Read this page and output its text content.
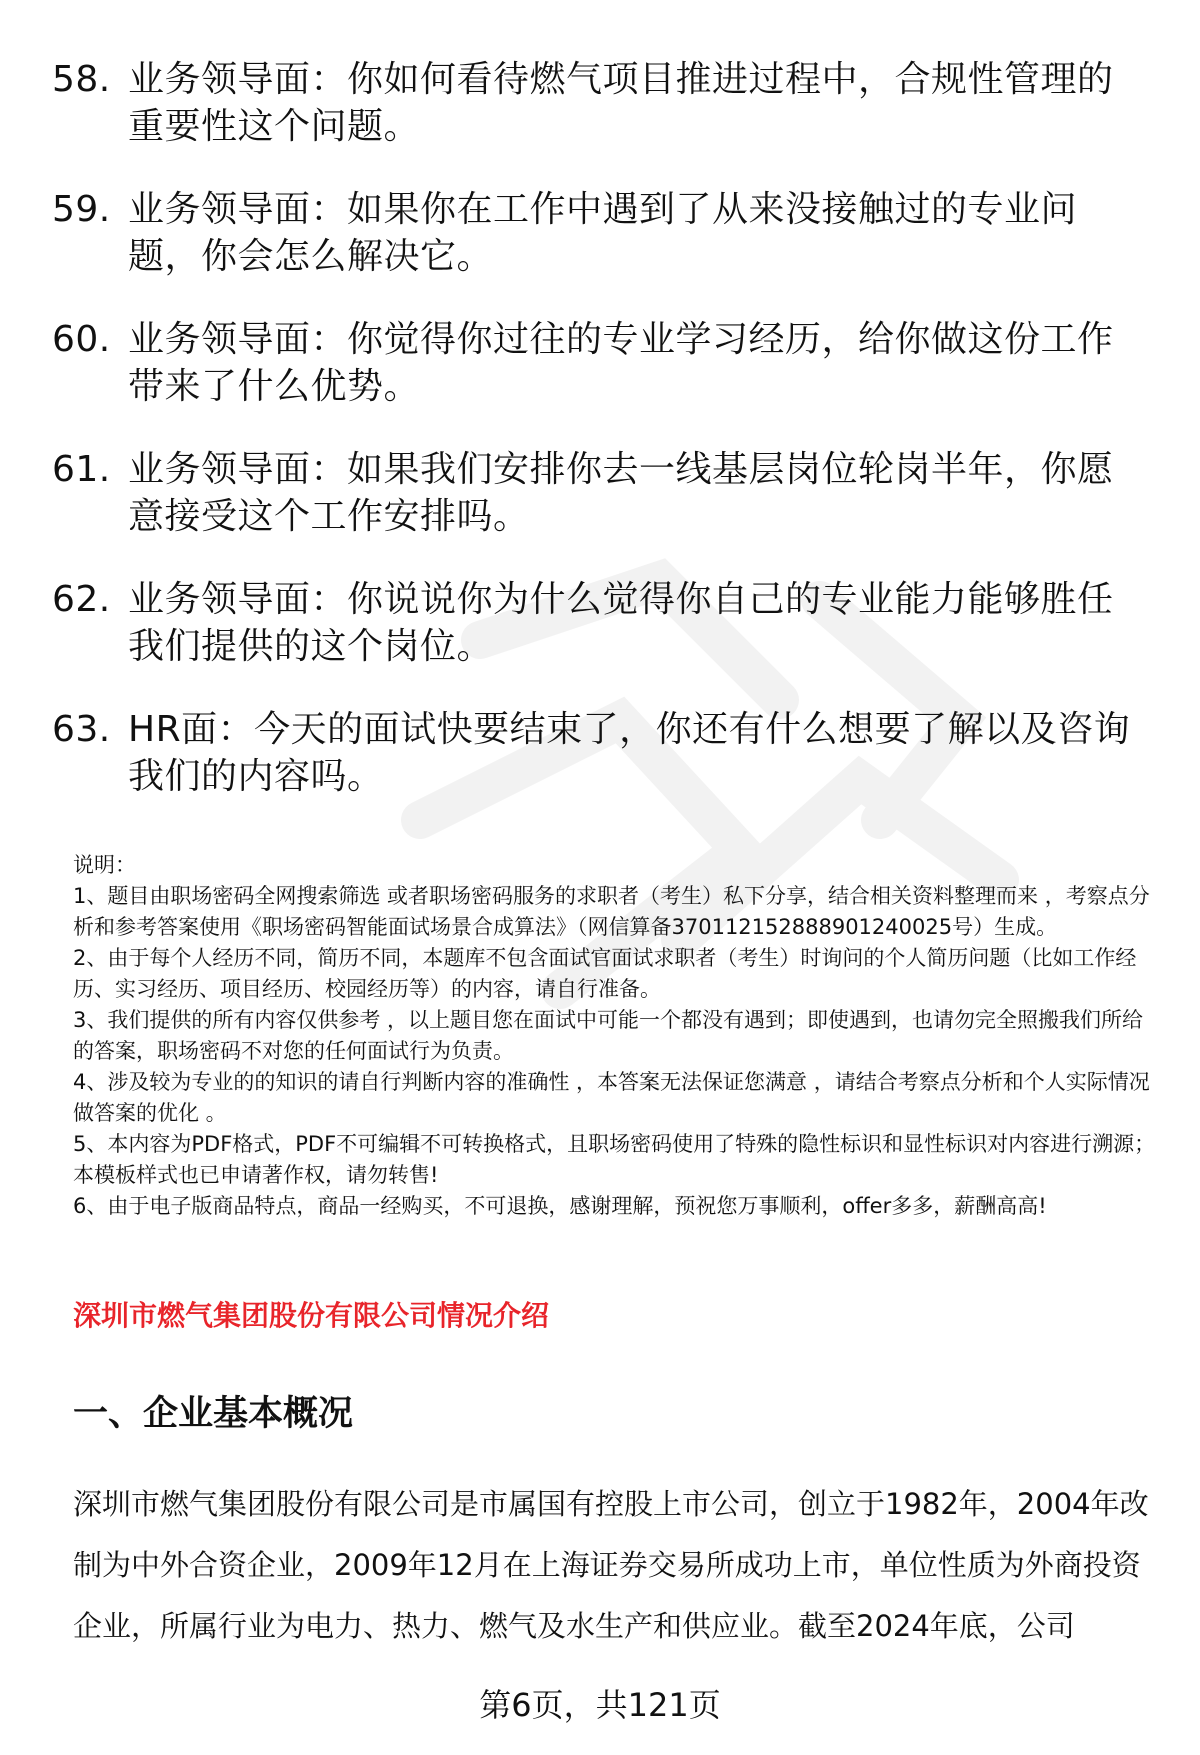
58. 业务领导面：你如何看待燃气项目推进过程中，合规性管理的重要性这个问题。
59. 业务领导面：如果你在工作中遇到了从来没接触过的专业问题，你会怎么解决它。
60. 业务领导面：你觉得你过往的专业学习经历，给你做这份工作带来了什么优势。
61. 业务领导面：如果我们安排你去一线基层岗位轮岗半年，你愿意接受这个工作安排吗。
62. 业务领导面：你说说你为什么觉得你自己的专业能力能够胜任我们提供的这个岗位。
63. HR面：今天的面试快要结束了，你还有什么想要了解以及咨询我们的内容吗。

说明：

1、题目由职场密码全网搜索筛选 或者职场密码服务的求职者（考生）私下分享，结合相关资料整理而来 ，考察点分析和参考答案使用《职场密码智能面试场景合成算法》（网信算备370112152888901240025号）生成。

2、由于每个人经历不同，简历不同，本题库不包含面试官面试求职者（考生）时询问的个人简历问题（比如工作经历、实习经历、项目经历、校园经历等）的内容，请自行准备。

3、我们提供的所有内容仅供参考 ，以上题目您在面试中可能一个都没有遇到；即使遇到，也请勿完全照搬我们所给的答案，职场密码不对您的任何面试行为负责。

4、涉及较为专业的的知识的请自行判断内容的准确性 ，本答案无法保证您满意 ，请结合考察点分析和个人实际情况做答案的优化 。

5、本内容为PDF格式，PDF不可编辑不可转换格式，且职场密码使用了特殊的隐性标识和显性标识对内容进行溯源；本模板样式也已申请著作权，请勿转售!

6、由于电子版商品特点，商品一经购买，不可退换，感谢理解，预祝您万事顺利，offer多多，薪酬高高!

深圳市燃气集团股份有限公司情况介绍
一、企业基本概况
深圳市燃气集团股份有限公司是市属国有控股上市公司，创立于1982年，2004年改制为中外合资企业，2009年12月在上海证券交易所成功上市，单位性质为外商投资企业，所属行业为电力、热力、燃气及水生产和供应业。截至2024年底，公司
第6页，共121页
